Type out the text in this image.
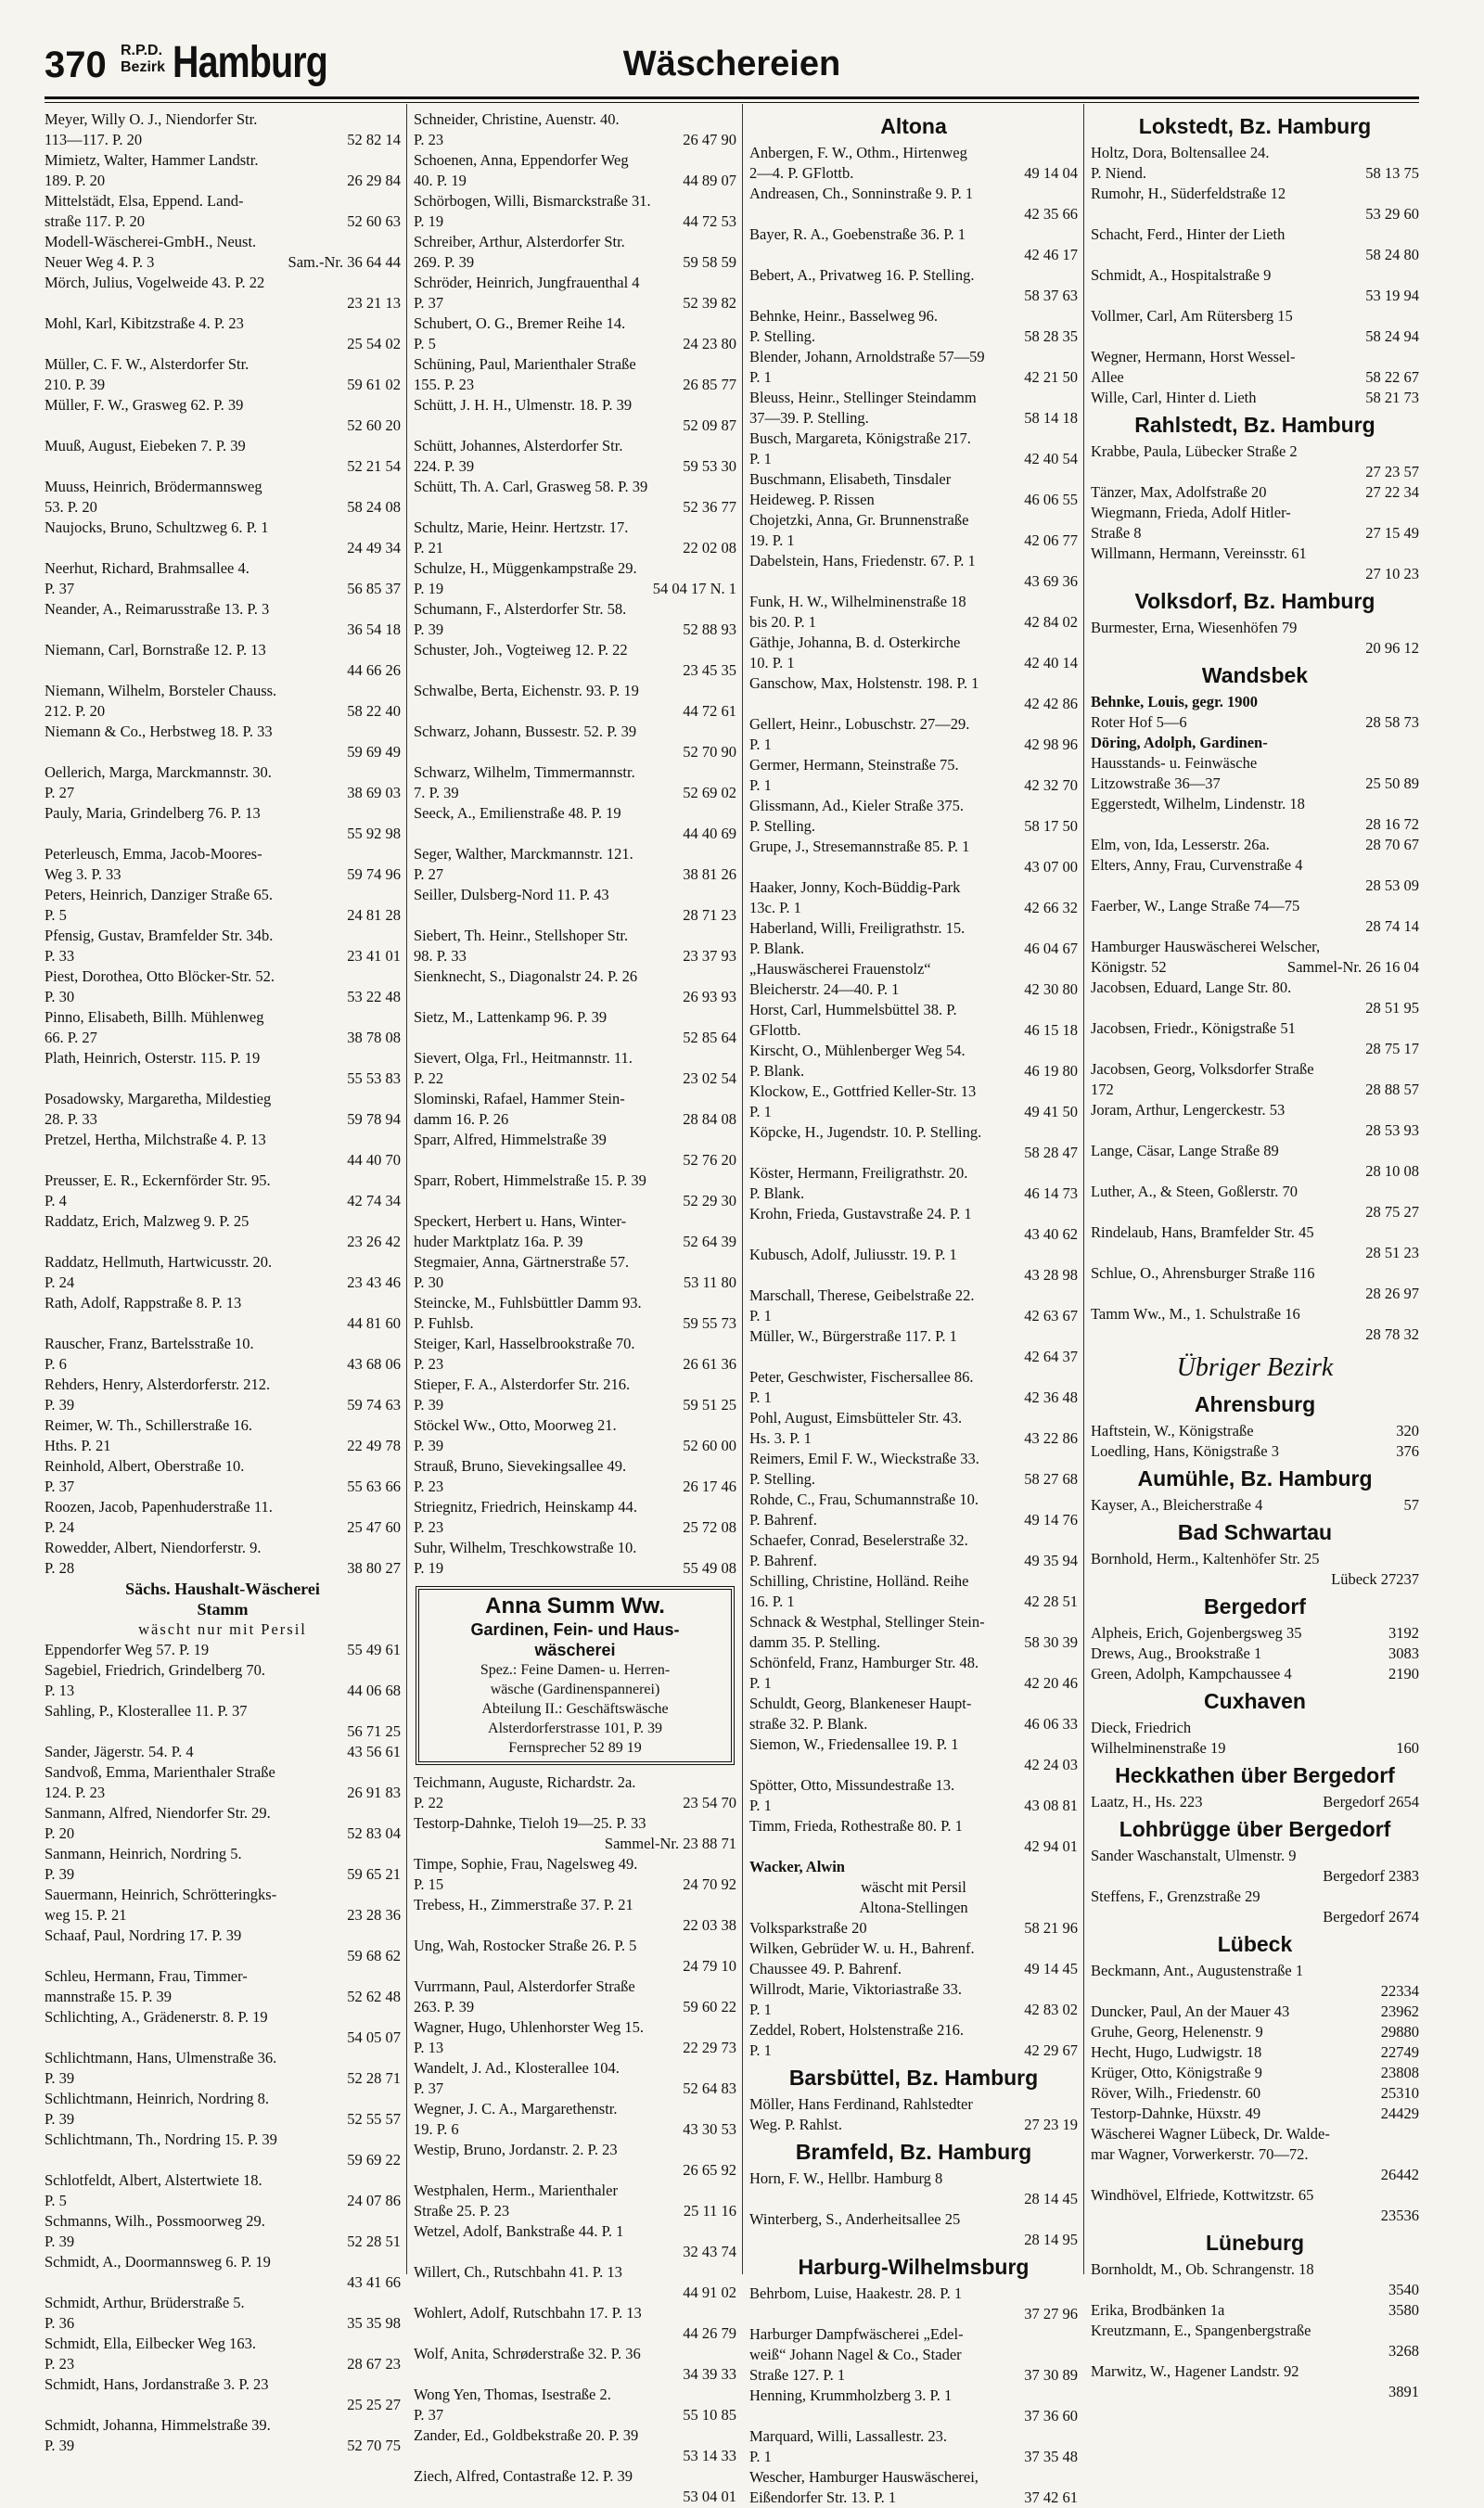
370 R.P.D.
Bezirk Hamburg	Wäschereien
Meyer, Willy O. J., Niendorfer Str.
113—117. P. 20	52 82 14
Mimietz, Walter, Hammer Landstr.
189. P. 20	26 29 84
Mittelstädt, Elsa, Eppend. Land-
straße 117. P. 20	52 60 63
Modell-Wäscherei-GmbH., Neust.
Neuer Weg 4. P. 3	Sam.-Nr. 36 64 44
Mörch, Julius, Vogelweide 43. P. 22
23 21 13
Mohl, Karl, Kibitzstraße 4. P. 23
25 54 02
Müller, C. F. W., Alsterdorfer Str.
210. P. 39	59 61 02
Müller, F. W., Grasweg 62. P. 39
52 60 20
Muuß, August, Eiebeken 7. P. 39
52 21 54
Muuss, Heinrich, Brödermannsweg
53. P. 20	58 24 08
Naujocks, Bruno, Schultzweg 6. P. 1
24 49 34
Neerhut, Richard, Brahmsallee 4.
P. 37	56 85 37
Neander, A., Reimarusstraße 13. P. 3
36 54 18
Niemann, Carl, Bornstraße 12. P. 13
44 66 26
Niemann, Wilhelm, Borsteler Chauss.
212. P. 20	58 22 40
Niemann & Co., Herbstweg 18. P. 33
59 69 49
Oellerich, Marga, Marckmannstr. 30.
P. 27	38 69 03
Pauly, Maria, Grindelberg 76. P. 13
55 92 98
Peterleusch, Emma, Jacob-Moores-
Weg 3. P. 33	59 74 96
Peters, Heinrich, Danziger Straße 65.
P. 5	24 81 28
Pfensig, Gustav, Bramfelder Str. 34b.
P. 33	23 41 01
Piest, Dorothea, Otto Blöcker-Str. 52.
P. 30	53 22 48
Pinno, Elisabeth, Billh. Mühlenweg
66. P. 27	38 78 08
Plath, Heinrich, Osterstr. 115. P. 19
55 53 83
Posadowsky, Margaretha, Mildestieg
28. P. 33	59 78 94
Pretzel, Hertha, Milchstraße 4. P. 13
44 40 70
Preusser, E. R., Eckernförder Str. 95.
P. 4	42 74 34
Raddatz, Erich, Malzweg 9. P. 25
23 26 42
Raddatz, Hellmuth, Hartwicusstr. 20.
P. 24	23 43 46
Rath, Adolf, Rappstraße 8. P. 13
44 81 60
Rauscher, Franz, Bartelsstraße 10.
P. 6	43 68 06
Rehders, Henry, Alsterdorferstr. 212.
P. 39	59 74 63
Reimer, W. Th., Schillerstraße 16.
Hths. P. 21	22 49 78
Reinhold, Albert, Oberstraße 10.
P. 37	55 63 66
Roozen, Jacob, Papenhuderstraße 11.
P. 24	25 47 60
Rowedder, Albert, Niendorferstr. 9.
P. 28	38 80 27
Sächs. Haushalt-Wäscherei
Stamm
wäscht nur mit Persil
Eppendorfer Weg 57. P. 19	55 49 61
Sagebiel, Friedrich, Grindelberg 70.
P. 13	44 06 68
Sahling, P., Klosterallee 11. P. 37
56 71 25
Sander, Jägerstr. 54. P. 4	43 56 61
Sandvoß, Emma, Marienthaler Straße
124. P. 23	26 91 83
Sanmann, Alfred, Niendorfer Str. 29.
P. 20	52 83 04
Sanmann, Heinrich, Nordring 5.
P. 39	59 65 21
Sauermann, Heinrich, Schrötteringks-
weg 15. P. 21	23 28 36
Schaaf, Paul, Nordring 17. P. 39
59 68 62
Schleu, Hermann, Frau, Timmer-
mannstraße 15. P. 39	52 62 48
Schlichting, A., Grädenerstr. 8. P. 19
54 05 07
Schlichtmann, Hans, Ulmenstraße 36.
P. 39	52 28 71
Schlichtmann, Heinrich, Nordring 8.
P. 39	52 55 57
Schlichtmann, Th., Nordring 15. P. 39
59 69 22
Schlotfeldt, Albert, Alstertwiete 18.
P. 5	24 07 86
Schmanns, Wilh., Possmoorweg 29.
P. 39	52 28 51
Schmidt, A., Doormannsweg 6. P. 19
43 41 66
Schmidt, Arthur, Brüderstraße 5.
P. 36	35 35 98
Schmidt, Ella, Eilbecker Weg 163.
P. 23	28 67 23
Schmidt, Hans, Jordanstraße 3. P. 23
25 25 27
Schmidt, Johanna, Himmelstraße 39.
P. 39	52 70 75
Schneider, Christine, Auenstr. 40.
P. 23	26 47 90
Schoenen, Anna, Eppendorfer Weg
40. P. 19	44 89 07
Schörbogen, Willi, Bismarckstraße 31.
P. 19	44 72 53
Schreiber, Arthur, Alsterdorfer Str.
269. P. 39	59 58 59
Schröder, Heinrich, Jungfrauenthal 4
P. 37	52 39 82
Schubert, O. G., Bremer Reihe 14.
P. 5	24 23 80
Schüning, Paul, Marienthaler Straße
155. P. 23	26 85 77
Schütt, J. H. H., Ulmenstr. 18. P. 39
52 09 87
Schütt, Johannes, Alsterdorfer Str.
224. P. 39	59 53 30
Schütt, Th. A. Carl, Grasweg 58. P. 39
52 36 77
Schultz, Marie, Heinr. Hertzstr. 17.
P. 21	22 02 08
Schulze, H., Müggenkampstraße 29.
P. 19	54 04 17 N. 1
Schumann, F., Alsterdorfer Str. 58.
P. 39	52 88 93
Schuster, Joh., Vogteiweg 12. P. 22
23 45 35
Schwalbe, Berta, Eichenstr. 93. P. 19
44 72 61
Schwarz, Johann, Bussestr. 52. P. 39
52 70 90
Schwarz, Wilhelm, Timmermannstr.
7. P. 39	52 69 02
Seeck, A., Emilienstraße 48. P. 19
44 40 69
Seger, Walther, Marckmannstr. 121.
P. 27	38 81 26
Seiller, Dulsberg-Nord 11. P. 43
28 71 23
Siebert, Th. Heinr., Stellshoper Str.
98. P. 33	23 37 93
Sienknecht, S., Diagonalstr 24. P. 26
26 93 93
Sietz, M., Lattenkamp 96. P. 39
52 85 64
Sievert, Olga, Frl., Heitmannstr. 11.
P. 22	23 02 54
Slominski, Rafael, Hammer Stein-
damm 16. P. 26	28 84 08
Sparr, Alfred, Himmelstraße 39
52 76 20
Sparr, Robert, Himmelstraße 15. P. 39
52 29 30
Speckert, Herbert u. Hans, Winter-
huder Marktplatz 16a. P. 39	52 64 39
Stegmaier, Anna, Gärtnerstraße 57.
P. 30	53 11 80
Steincke, M., Fuhlsbüttler Damm 93.
P. Fuhlsb.	59 55 73
Steiger, Karl, Hasselbrookstraße 70.
P. 23	26 61 36
Stieper, F. A., Alsterdorfer Str. 216.
P. 39	59 51 25
Stöckel Ww., Otto, Moorweg 21.
P. 39	52 60 00
Strauß, Bruno, Sievekingsallee 49.
P. 23	26 17 46
Striegnitz, Friedrich, Heinskamp 44.
P. 23	25 72 08
Suhr, Wilhelm, Treschkowstraße 10.
P. 19	55 49 08
Anna Summ Ww.
Gardinen, Fein- und Haus-
wäscherei
Spez.: Feine Damen- u. Herren-
wäsche (Gardinenspannerei)
Abteilung II.: Geschäftswäsche
Alsterdorferstrasse 101, P. 39
Fernsprecher 52 89 19
Teichmann, Auguste, Richardstr. 2a.
P. 22	23 54 70
Testorp-Dahnke, Tieloh 19—25. P. 33
Sammel-Nr. 23 88 71
Timpe, Sophie, Frau, Nagelsweg 49.
P. 15	24 70 92
Trebess, H., Zimmerstraße 37. P. 21
22 03 38
Ung, Wah, Rostocker Straße 26. P. 5
24 79 10
Vurrmann, Paul, Alsterdorfer Straße
263. P. 39	59 60 22
Wagner, Hugo, Uhlenhorster Weg 15.
P. 13	22 29 73
Wandelt, J. Ad., Klosterallee 104.
P. 37	52 64 83
Wegner, J. C. A., Margarethenstr.
19. P. 6	43 30 53
Westip, Bruno, Jordanstr. 2. P. 23
26 65 92
Westphalen, Herm., Marienthaler
Straße 25. P. 23	25 11 16
Wetzel, Adolf, Bankstraße 44. P. 1
32 43 74
Willert, Ch., Rutschbahn 41. P. 13
44 91 02
Wohlert, Adolf, Rutschbahn 17. P. 13
44 26 79
Wolf, Anita, Schrøderstraße 32. P. 36
34 39 33
Wong Yen, Thomas, Isestraße 2.
P. 37	55 10 85
Zander, Ed., Goldbekstraße 20. P. 39
53 14 33
Ziech, Alfred, Contastraße 12. P. 39
53 04 01
Altona
Anbergen, F. W., Othm., Hirtenweg
2—4. P. GFlottb.	49 14 04
Andreasen, Ch., Sonninstraße 9. P. 1
42 35 66
Bayer, R. A., Goebenstraße 36. P. 1
42 46 17
Bebert, A., Privatweg 16. P. Stelling.
58 37 63
Behnke, Heinr., Basselweg 96.
P. Stelling.	58 28 35
Blender, Johann, Arnoldstraße 57—59
P. 1	42 21 50
Bleuss, Heinr., Stellinger Steindamm
37—39. P. Stelling.	58 14 18
Busch, Margareta, Königstraße 217.
P. 1	42 40 54
Buschmann, Elisabeth, Tinsdaler
Heideweg. P. Rissen	46 06 55
Chojetzki, Anna, Gr. Brunnenstraße
19. P. 1	42 06 77
Dabelstein, Hans, Friedenstr. 67. P. 1
43 69 36
Funk, H. W., Wilhelminenstraße 18
bis 20. P. 1	42 84 02
Gäthje, Johanna, B. d. Osterkirche
10. P. 1	42 40 14
Ganschow, Max, Holstenstr. 198. P. 1
42 42 86
Gellert, Heinr., Lobuschstr. 27—29.
P. 1	42 98 96
Germer, Hermann, Steinstraße 75.
P. 1	42 32 70
Glissmann, Ad., Kieler Straße 375.
P. Stelling.	58 17 50
Grupe, J., Stresemannstraße 85. P. 1
43 07 00
Haaker, Jonny, Koch-Büddig-Park
13c. P. 1	42 66 32
Haberland, Willi, Freiligrathstr. 15.
P. Blank.	46 04 67
„Hauswäscherei Frauenstolz“
Bleicherstr. 24—40. P. 1	42 30 80
Horst, Carl, Hummelsbüttel 38. P.
GFlottb.	46 15 18
Kirscht, O., Mühlenberger Weg 54.
P. Blank.	46 19 80
Klockow, E., Gottfried Keller-Str. 13
P. 1	49 41 50
Köpcke, H., Jugendstr. 10. P. Stelling.
58 28 47
Köster, Hermann, Freiligrathstr. 20.
P. Blank.	46 14 73
Krohn, Frieda, Gustavstraße 24. P. 1
43 40 62
Kubusch, Adolf, Juliusstr. 19. P. 1
43 28 98
Marschall, Therese, Geibelstraße 22.
P. 1	42 63 67
Müller, W., Bürgerstraße 117. P. 1
42 64 37
Peter, Geschwister, Fischersallee 86.
P. 1	42 36 48
Pohl, August, Eimsbütteler Str. 43.
Hs. 3. P. 1	43 22 86
Reimers, Emil F. W., Wieckstraße 33.
P. Stelling.	58 27 68
Rohde, C., Frau, Schumannstraße 10.
P. Bahrenf.	49 14 76
Schaefer, Conrad, Beselerstraße 32.
P. Bahrenf.	49 35 94
Schilling, Christine, Holländ. Reihe
16. P. 1	42 28 51
Schnack & Westphal, Stellinger Stein-
damm 35. P. Stelling.	58 30 39
Schönfeld, Franz, Hamburger Str. 48.
P. 1	42 20 46
Schuldt, Georg, Blankeneser Haupt-
straße 32. P. Blank.	46 06 33
Siemon, W., Friedensallee 19. P. 1
42 24 03
Spötter, Otto, Missundestraße 13.
P. 1	43 08 81
Timm, Frieda, Rothestraße 80. P. 1
42 94 01
Wacker, Alwin
wäscht mit Persil
Altona-Stellingen
Volksparkstraße 20	58 21 96
Wilken, Gebrüder W. u. H., Bahrenf.
Chaussee 49. P. Bahrenf.	49 14 45
Willrodt, Marie, Viktoriastraße 33.
P. 1	42 83 02
Zeddel, Robert, Holstenstraße 216.
P. 1	42 29 67
Barsbüttel, Bz. Hamburg
Möller, Hans Ferdinand, Rahlstedter
Weg. P. Rahlst.	27 23 19
Bramfeld, Bz. Hamburg
Horn, F. W., Hellbr. Hamburg 8
28 14 45
Winterberg, S., Anderheitsallee 25
28 14 95
Harburg-Wilhelmsburg
Behrbom, Luise, Haakestr. 28. P. 1
37 27 96
Harburger Dampfwäscherei „Edel-
weiß“ Johann Nagel & Co., Stader
Straße 127. P. 1	37 30 89
Henning, Krummholzberg 3. P. 1
37 36 60
Marquard, Willi, Lassallestr. 23.
P. 1	37 35 48
Wescher, Hamburger Hauswäscherei,
Eißendorfer Str. 13. P. 1	37 42 61
Lokstedt, Bz. Hamburg
Holtz, Dora, Boltensallee 24.
P. Niend.	58 13 75
Rumohr, H., Süderfeldstraße 12
53 29 60
Schacht, Ferd., Hinter der Lieth
58 24 80
Schmidt, A., Hospitalstraße 9
53 19 94
Vollmer, Carl, Am Rütersberg 15
58 24 94
Wegner, Hermann, Horst Wessel-
Allee	58 22 67
Wille, Carl, Hinter d. Lieth	58 21 73
Rahlstedt, Bz. Hamburg
Krabbe, Paula, Lübecker Straße 2
27 23 57
Tänzer, Max, Adolfstraße 20	27 22 34
Wiegmann, Frieda, Adolf Hitler-
Straße 8	27 15 49
Willmann, Hermann, Vereinsstr. 61
27 10 23
Volksdorf, Bz. Hamburg
Burmester, Erna, Wiesenhöfen 79
20 96 12
Wandsbek
Behnke, Louis, gegr. 1900
Roter Hof 5—6	28 58 73
Döring, Adolph, Gardinen-
Hausstands- u. Feinwäsche
Litzowstraße 36—37	25 50 89
Eggerstedt, Wilhelm, Lindenstr. 18
28 16 72
Elm, von, Ida, Lesserstr. 26a.	28 70 67
Elters, Anny, Frau, Curvenstraße 4
28 53 09
Faerber, W., Lange Straße 74—75
28 74 14
Hamburger Hauswäscherei Welscher,
Königstr. 52	Sammel-Nr. 26 16 04
Jacobsen, Eduard, Lange Str. 80.
28 51 95
Jacobsen, Friedr., Königstraße 51
28 75 17
Jacobsen, Georg, Volksdorfer Straße
172	28 88 57
Joram, Arthur, Lengerckestr. 53
28 53 93
Lange, Cäsar, Lange Straße 89
28 10 08
Luther, A., & Steen, Goßlerstr. 70
28 75 27
Rindelaub, Hans, Bramfelder Str. 45
28 51 23
Schlue, O., Ahrensburger Straße 116
28 26 97
Tamm Ww., M., 1. Schulstraße 16
28 78 32
Übriger Bezirk
Ahrensburg
Haftstein, W., Königstraße	320
Loedling, Hans, Königstraße 3	376
Aumühle, Bz. Hamburg
Kayser, A., Bleicherstraße 4	57
Bad Schwartau
Bornhold, Herm., Kaltenhöfer Str. 25
Lübeck 27237
Bergedorf
Alpheis, Erich, Gojenbergsweg 35	3192
Drews, Aug., Brookstraße 1	3083
Green, Adolph, Kampchaussee 4	2190
Cuxhaven
Dieck, Friedrich
Wilhelminenstraße 19	160
Heckkathen über Bergedorf
Laatz, H., Hs. 223	Bergedorf 2654
Lohbrügge über Bergedorf
Sander Waschanstalt, Ulmenstr. 9
Bergedorf 2383
Steffens, F., Grenzstraße 29
Bergedorf 2674
Lübeck
Beckmann, Ant., Augustenstraße 1
22334
Duncker, Paul, An der Mauer 43	23962
Gruhe, Georg, Helenenstr. 9	29880
Hecht, Hugo, Ludwigstr. 18	22749
Krüger, Otto, Königstraße 9	23808
Röver, Wilh., Friedenstr. 60	25310
Testorp-Dahnke, Hüxstr. 49	24429
Wäscherei Wagner Lübeck, Dr. Walde-
mar Wagner, Vorwerkerstr. 70—72.
26442
Windhövel, Elfriede, Kottwitzstr. 65
23536
Lüneburg
Bornholdt, M., Ob. Schrangenstr. 18
3540
Erika, Brodbänken 1a	3580
Kreutzmann, E., Spangenbergstraße
3268
Marwitz, W., Hagener Landstr. 92
3891
